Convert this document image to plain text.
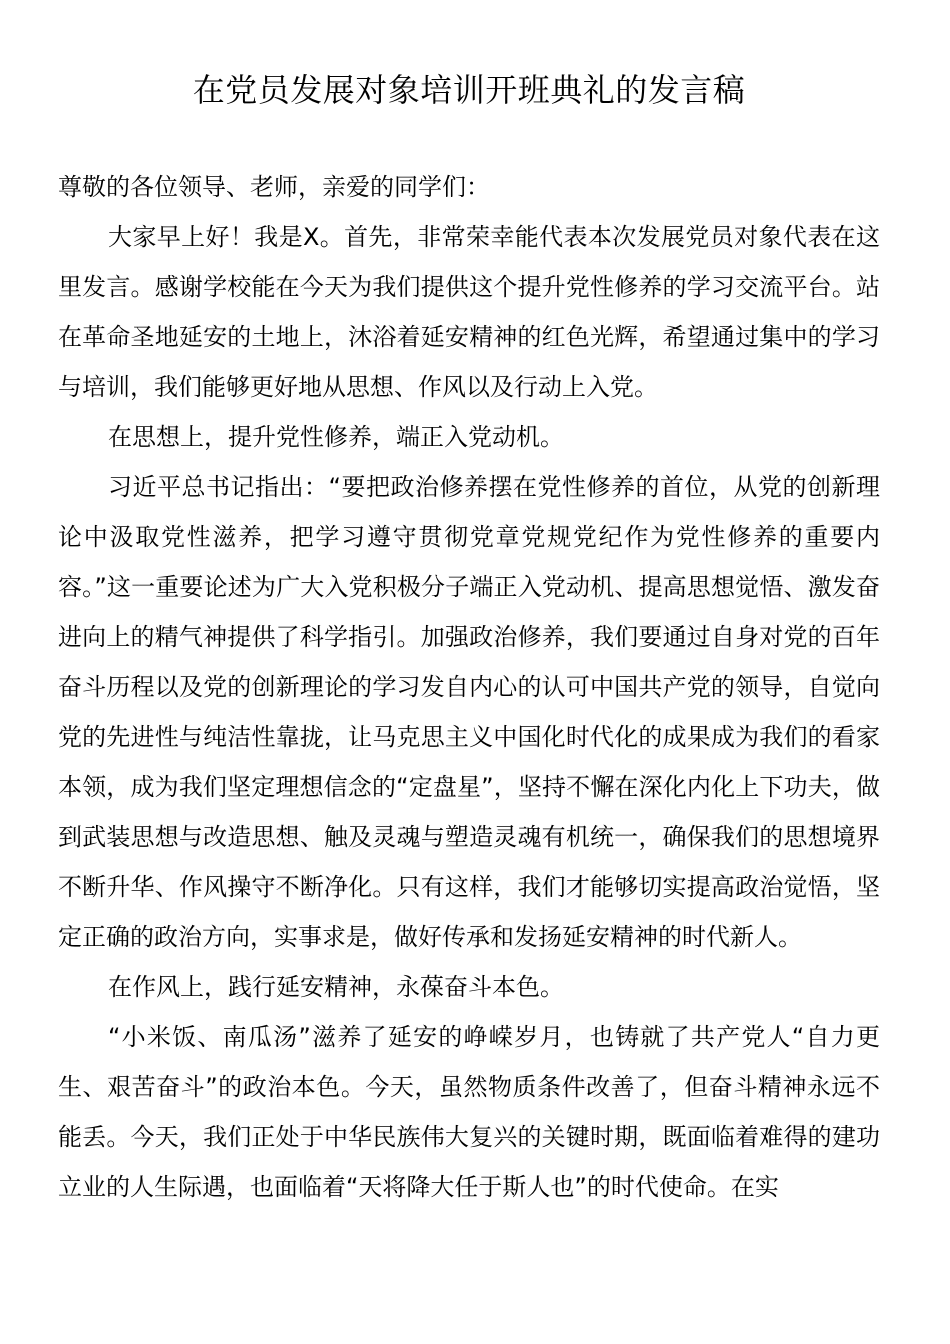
在党员发展对象培训开班典礼的发言稿

尊敬的各位领导、老师，亲爱的同学们：

大家早上好！我是X。首先，非常荣幸能代表本次发展党员对象代表在这里发言。感谢学校能在今天为我们提供这个提升党性修养的学习交流平台。站在革命圣地延安的土地上，沐浴着延安精神的红色光辉，希望通过集中的学习与培训，我们能够更好地从思想、作风以及行动上入党。

在思想上，提升党性修养，端正入党动机。

习近平总书记指出：“要把政治修养摆在党性修养的首位，从党的创新理论中汲取党性滋养，把学习遵守贯彻党章党规党纪作为党性修养的重要内容。”这一重要论述为广大入党积极分子端正入党动机、提高思想觉悟、激发奋进向上的精气神提供了科学指引。加强政治修养，我们要通过自身对党的百年奋斗历程以及党的创新理论的学习发自内心的认可中国共产党的领导，自觉向党的先进性与纯洁性靠拢，让马克思主义中国化时代化的成果成为我们的看家本领，成为我们坚定理想信念的“定盘星”，坚持不懈在深化内化上下功夫，做到武装思想与改造思想、触及灵魂与塑造灵魂有机统一，确保我们的思想境界不断升华、作风操守不断净化。只有这样，我们才能够切实提高政治觉悟，坚定正确的政治方向，实事求是，做好传承和发扬延安精神的时代新人。

在作风上，践行延安精神，永葆奋斗本色。

“小米饭、南瓜汤”滋养了延安的峥嵘岁月，也铸就了共产党人“自力更生、艰苦奋斗”的政治本色。今天，虽然物质条件改善了，但奋斗精神永远不能丢。今天，我们正处于中华民族伟大复兴的关键时期，既面临着难得的建功立业的人生际遇，也面临着“天将降大任于斯人也”的时代使命。在实
